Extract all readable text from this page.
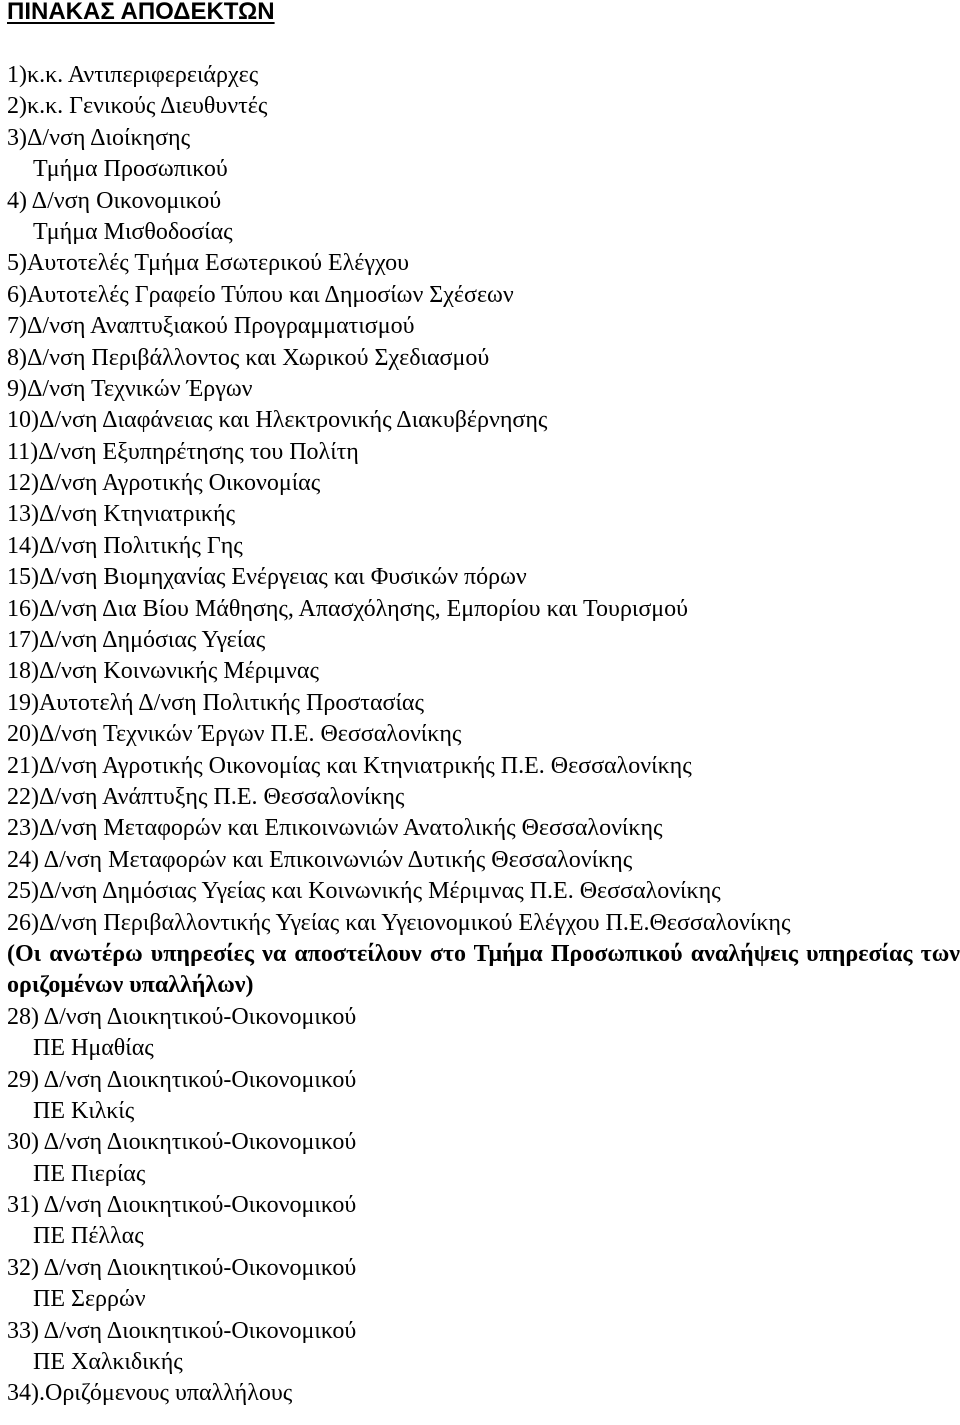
ΠΙΝΑΚΑΣ ΑΠΟΔΕΚΤΩΝ
1)κ.κ. Αντιπεριφερειάρχες
2)κ.κ. Γενικούς Διευθυντές
3)Δ/νση Διοίκησης
Τμήμα Προσωπικού
4) Δ/νση Οικονομικού
Τμήμα Μισθοδοσίας
5)Αυτοτελές Τμήμα Εσωτερικού Ελέγχου
6)Αυτοτελές Γραφείο Τύπου και Δημοσίων Σχέσεων
7)Δ/νση Αναπτυξιακού Προγραμματισμού
8)Δ/νση Περιβάλλοντος και Χωρικού Σχεδιασμού
9)Δ/νση Τεχνικών Έργων
10)Δ/νση Διαφάνειας και Ηλεκτρονικής Διακυβέρνησης
11)Δ/νση Εξυπηρέτησης του Πολίτη
12)Δ/νση Αγροτικής Οικονομίας
13)Δ/νση Κτηνιατρικής
14)Δ/νση Πολιτικής Γης
15)Δ/νση Βιομηχανίας Ενέργειας και Φυσικών πόρων
16)Δ/νση Δια Βίου Μάθησης, Απασχόλησης, Εμπορίου και Τουρισμού
17)Δ/νση Δημόσιας Υγείας
18)Δ/νση Κοινωνικής Μέριμνας
19)Αυτοτελή Δ/νση Πολιτικής Προστασίας
20)Δ/νση Τεχνικών Έργων Π.Ε. Θεσσαλονίκης
21)Δ/νση Αγροτικής Οικονομίας και Κτηνιατρικής Π.Ε. Θεσσαλονίκης
22)Δ/νση Ανάπτυξης Π.Ε. Θεσσαλονίκης
23)Δ/νση Μεταφορών και Επικοινωνιών Ανατολικής Θεσσαλονίκης
24) Δ/νση Μεταφορών και Επικοινωνιών Δυτικής Θεσσαλονίκης
25)Δ/νση Δημόσιας Υγείας και Κοινωνικής Μέριμνας Π.Ε. Θεσσαλονίκης
26)Δ/νση Περιβαλλοντικής Υγείας και Υγειονομικού Ελέγχου Π.Ε.Θεσσαλονίκης
(Οι ανωτέρω υπηρεσίες να αποστείλουν στο Τμήμα Προσωπικού αναλήψεις υπηρεσίας των οριζομένων υπαλλήλων)
28) Δ/νση Διοικητικού-Οικονομικού
ΠΕ Ημαθίας
29) Δ/νση Διοικητικού-Οικονομικού
ΠΕ Κιλκίς
30) Δ/νση Διοικητικού-Οικονομικού
ΠΕ Πιερίας
31) Δ/νση Διοικητικού-Οικονομικού
ΠΕ Πέλλας
32) Δ/νση Διοικητικού-Οικονομικού
ΠΕ Σερρών
33) Δ/νση Διοικητικού-Οικονομικού
ΠΕ Χαλκιδικής
34).Οριζόμενους υπαλλήλους
